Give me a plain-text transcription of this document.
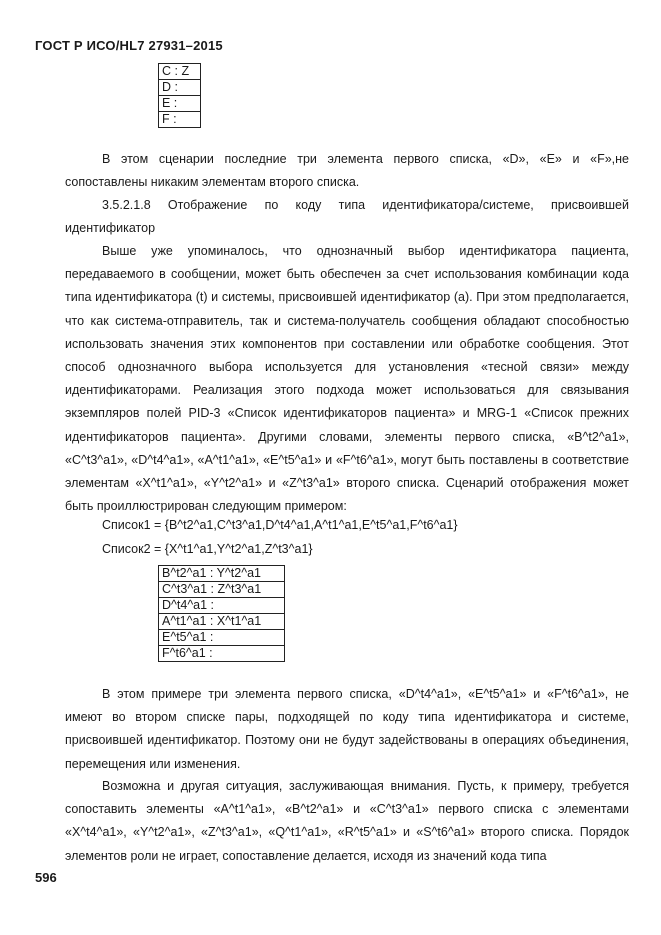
ГОСТ Р ИСО/HL7 27931–2015
C : Z
D :
E :
F :

В этом сценарии последние три элемента первого списка, «D», «E» и «F»,не сопоставлены никаким элементам второго списка.

3.5.2.1.8 Отображение по коду типа идентификатора/системе, присвоившей идентификатор

Выше уже упоминалось, что однозначный выбор идентификатора пациента, передаваемого в сообщении, может быть обеспечен за счет использования комбинации кода типа идентификатора (t) и системы, присвоившей идентификатор (a). При этом предполагается, что как система-отправитель, так и система-получатель сообщения обладают способностью использовать значения этих компонентов при составлении или обработке сообщения. Этот способ однозначного выбора используется для установления «тесной связи» между идентификаторами. Реализация этого подхода может использоваться для связывания экземпляров полей PID-3 «Список идентификаторов пациента» и MRG-1 «Список прежних идентификаторов пациента». Другими словами, элементы первого списка, «B^t2^a1», «C^t3^a1», «D^t4^a1», «A^t1^a1», «E^t5^a1» и «F^t6^a1», могут быть поставлены в соответствие элементам «X^t1^a1», «Y^t2^a1» и «Z^t3^a1» второго списка. Сценарий отображения может быть проиллюстрирован следующим примером:

Список1 = {B^t2^a1,C^t3^a1,D^t4^a1,A^t1^a1,E^t5^a1,F^t6^a1}

Список2 = {X^t1^a1,Y^t2^a1,Z^t3^a1}

B^t2^a1 : Y^t2^a1
C^t3^a1 : Z^t3^a1
D^t4^a1 :
A^t1^a1 : X^t1^a1
E^t5^a1 :
F^t6^a1 :

В этом примере три элемента первого списка, «D^t4^a1», «E^t5^a1» и «F^t6^a1», не имеют во втором списке пары, подходящей по коду типа идентификатора и системе, присвоившей идентификатор. Поэтому они не будут задействованы в операциях объединения, перемещения или изменения.

Возможна и другая ситуация, заслуживающая внимания. Пусть, к примеру, требуется сопоставить элементы «A^t1^a1», «B^t2^a1» и «C^t3^a1» первого списка с элементами «X^t4^a1», «Y^t2^a1», «Z^t3^a1», «Q^t1^a1», «R^t5^a1» и «S^t6^a1» второго списка. Порядок элементов роли не играет, сопоставление делается, исходя из значений кода типа

596
